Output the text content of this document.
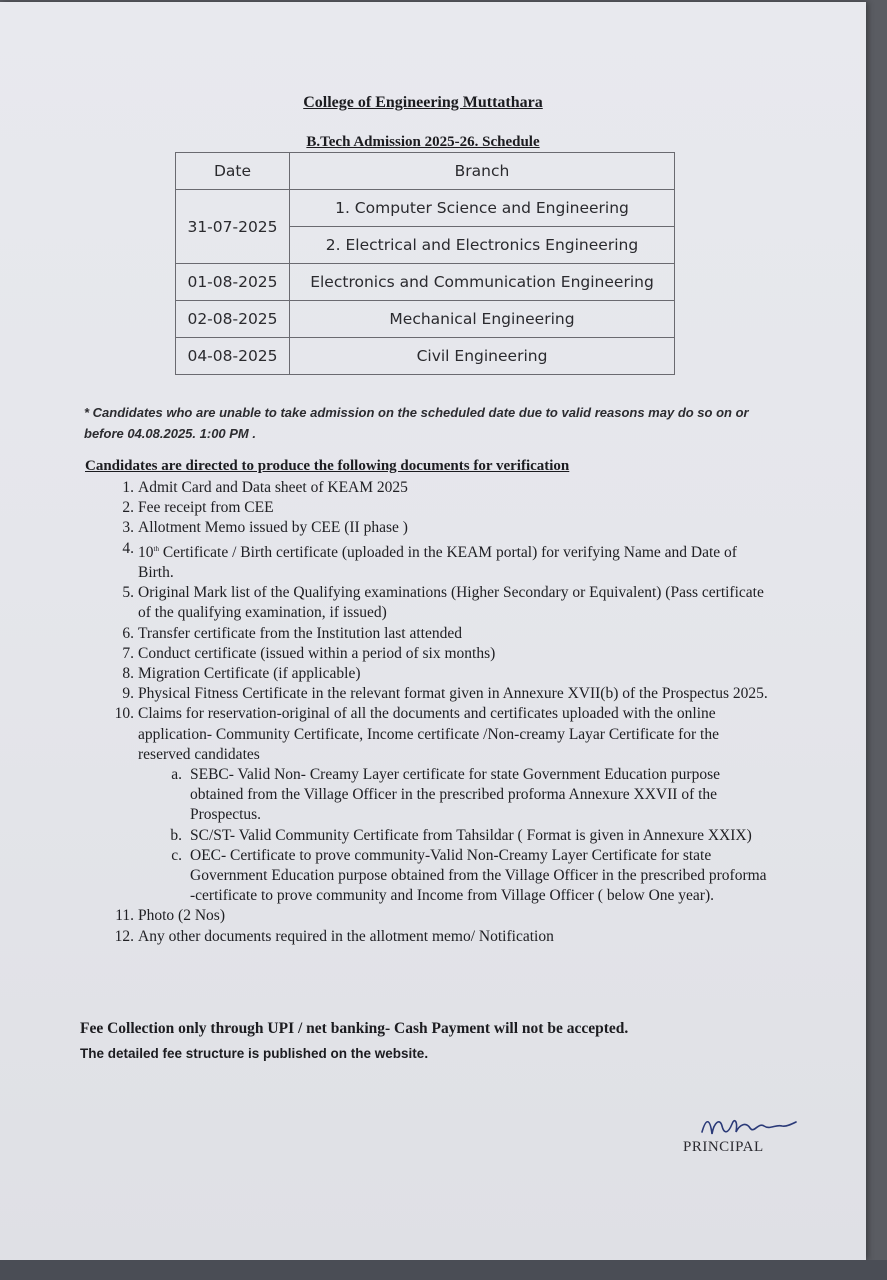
College of Engineering Muttathara
B.Tech Admission 2025-26. Schedule
Date	Branch
31-07-2025	1. Computer Science and Engineering
	2. Electrical and Electronics Engineering
01-08-2025	Electronics and Communication Engineering
02-08-2025	Mechanical Engineering
04-08-2025	Civil Engineering
* Candidates who are unable to take admission on the scheduled date due to valid reasons may do so on or before 04.08.2025. 1:00 PM .
Candidates are directed to produce the following documents for verification
1. Admit Card and Data sheet of KEAM 2025
2. Fee receipt from CEE
3. Allotment Memo issued by CEE (II phase )
4. 10th Certificate / Birth certificate (uploaded in the KEAM portal) for verifying Name and Date of Birth.
5. Original Mark list of the Qualifying examinations (Higher Secondary or Equivalent) (Pass certificate of the qualifying examination, if issued)
6. Transfer certificate from the Institution last attended
7. Conduct certificate (issued within a period of six months)
8. Migration Certificate (if applicable)
9. Physical Fitness Certificate in the relevant format given in Annexure XVII(b) of the Prospectus 2025.
10. Claims for reservation-original of all the documents and certificates uploaded with the online application- Community Certificate, Income certificate /Non-creamy Layar Certificate for the reserved candidates
a. SEBC- Valid Non- Creamy Layer certificate for state Government Education purpose obtained from the Village Officer in the prescribed proforma Annexure XXVII of the Prospectus.
b. SC/ST- Valid Community Certificate from Tahsildar ( Format is given in Annexure XXIX)
c. OEC- Certificate to prove community-Valid Non-Creamy Layer Certificate for state Government Education purpose obtained from the Village Officer in the prescribed proforma -certificate to prove community and Income from Village Officer ( below One year).
11. Photo (2 Nos)
12. Any other documents required in the allotment memo/ Notification
Fee Collection only through UPI / net banking- Cash Payment will not be accepted.
The detailed fee structure is published on the website.
PRINCIPAL
